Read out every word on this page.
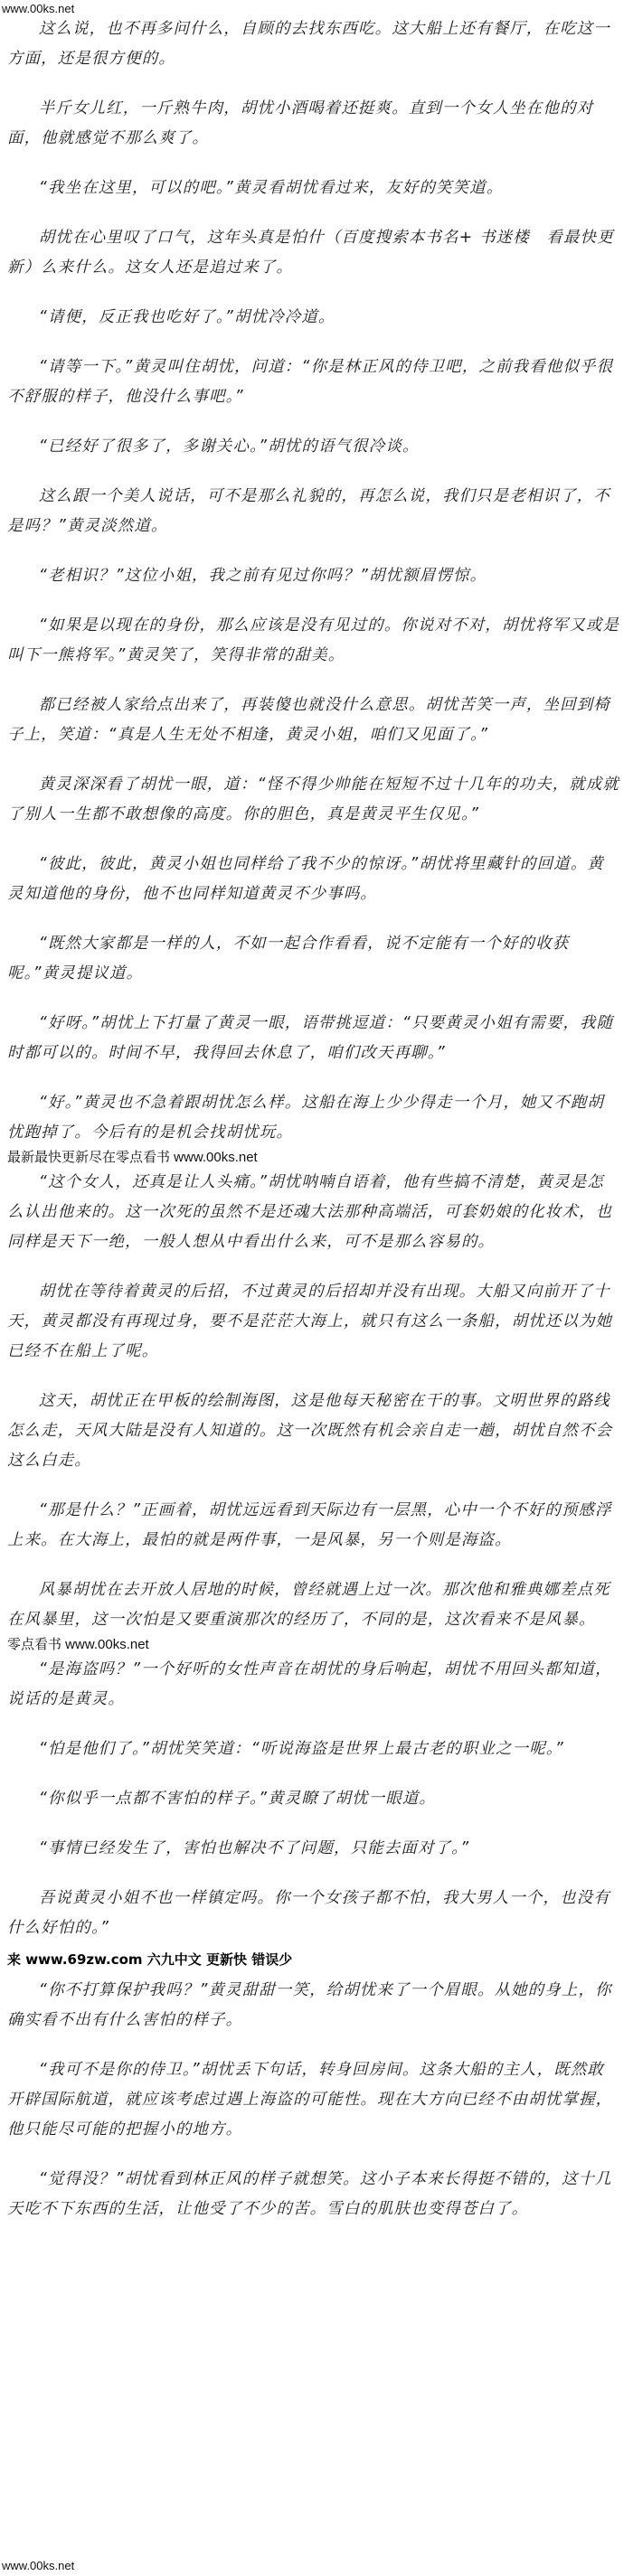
www.00ks.net

这么说，也不再多问什么，自顾的去找东西吃。这大船上还有餐厅，在吃这一方面，还是很方便的。

半斤女儿红，一斤熟牛肉，胡忧小酒喝着还挺爽。直到一个女人坐在他的对面，他就感觉不那么爽了。

“我坐在这里，可以的吧。”黄灵看胡忧看过来，友好的笑笑道。

胡忧在心里叹了口气，这年头真是怕什（百度搜索本书名+ 书迷楼　看最快更新）么来什么。这女人还是追过来了。

“请便，反正我也吃好了。”胡忧冷冷道。

“请等一下。”黄灵叫住胡忧，问道：“你是林正风的侍卫吧，之前我看他似乎很不舒服的样子，他没什么事吧。”

“已经好了很多了，多谢关心。”胡忧的语气很冷谈。

这么跟一个美人说话，可不是那么礼貌的，再怎么说，我们只是老相识了，不是吗？”黄灵淡然道。

“老相识？”这位小姐，我之前有见过你吗？”胡忧额眉愣惊。

“如果是以现在的身份，那么应该是没有见过的。你说对不对，胡忧将军又或是叫下一熊将军。”黄灵笑了，笑得非常的甜美。

都已经被人家给点出来了，再装傻也就没什么意思。胡忧苦笑一声，坐回到椅子上，笑道：“真是人生无处不相逢，黄灵小姐，咱们又见面了。”

黄灵深深看了胡忧一眼，道：“怪不得少帅能在短短不过十几年的功夫，就成就了别人一生都不敢想像的高度。你的胆色，真是黄灵平生仅见。”

“彼此，彼此，黄灵小姐也同样给了我不少的惊讶。”胡忧将里藏针的回道。黄灵知道他的身份，他不也同样知道黄灵不少事吗。

“既然大家都是一样的人，不如一起合作看看，说不定能有一个好的收获呢。”黄灵提议道。

“好呀。”胡忧上下打量了黄灵一眼，语带挑逗道：“只要黄灵小姐有需要，我随时都可以的。时间不早，我得回去休息了，咱们改天再聊。”

“好。”黄灵也不急着跟胡忧怎么样。这船在海上少少得走一个月，她又不跑胡忧跑掉了。今后有的是机会找胡忧玩。

最新最快更新尽在零点看书 www.00ks.net

“这个女人，还真是让人头痛。”胡忧呐喃自语着，他有些搞不清楚，黄灵是怎么认出他来的。这一次死的虽然不是还魂大法那种高端活，可套奶娘的化妆术，也同样是天下一绝，一般人想从中看出什么来，可不是那么容易的。

胡忧在等待着黄灵的后招，不过黄灵的后招却并没有出现。大船又向前开了十天，黄灵都没有再现过身，要不是茫茫大海上，就只有这么一条船，胡忧还以为她已经不在船上了呢。

这天，胡忧正在甲板的绘制海图，这是他每天秘密在干的事。文明世界的路线怎么走，天风大陆是没有人知道的。这一次既然有机会亲自走一趟，胡忧自然不会这么白走。

“那是什么？”正画着，胡忧远远看到天际边有一层黑，心中一个不好的预感浮上来。在大海上，最怕的就是两件事，一是风暴，另一个则是海盗。

风暴胡忧在去开放人居地的时候，曾经就遇上过一次。那次他和雅典娜差点死在风暴里，这一次怕是又要重演那次的经历了，不同的是，这次看来不是风暴。

零点看书 www.00ks.net

“是海盗吗？”一个好听的女性声音在胡忧的身后响起，胡忧不用回头都知道，说话的是黄灵。

“怕是他们了。”胡忧笑笑道：“听说海盗是世界上最古老的职业之一呢。”

“你似乎一点都不害怕的样子。”黄灵瞭了胡忧一眼道。

“事情已经发生了，害怕也解决不了问题，只能去面对了。”

吾说黄灵小姐不也一样镇定吗。你一个女孩子都不怕，我大男人一个，也没有什么好怕的。”

来 www.69zw.com 六九中文 更新快 错误少

“你不打算保护我吗？”黄灵甜甜一笑，给胡忧来了一个眉眼。从她的身上，你确实看不出有什么害怕的样子。

“我可不是你的侍卫。”胡忧丢下句话，转身回房间。这条大船的主人，既然敢开辟国际航道，就应该考虑过遇上海盗的可能性。现在大方向已经不由胡忧掌握，他只能尽可能的把握小的地方。

“觉得没？”胡忧看到林正风的样子就想笑。这小子本来长得挺不错的，这十几天吃不下东西的生活，让他受了不少的苦。雪白的肌肤也变得苍白了。

www.00ks.net
